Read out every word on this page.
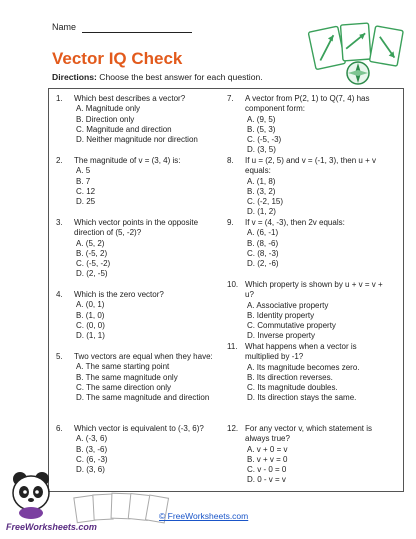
Name
Vector IQ Check
Directions: Choose the best answer for each question.
1. Which best describes a vector?
A. Magnitude only
B. Direction only
C. Magnitude and direction
D. Neither magnitude nor direction
2. The magnitude of v = (3, 4) is:
A. 5
B. 7
C. 12
D. 25
3. Which vector points in the opposite direction of (5, -2)?
A. (5, 2)
B. (-5, 2)
C. (-5, -2)
D. (2, -5)
4. Which is the zero vector?
A. (0, 1)
B. (1, 0)
C. (0, 0)
D. (1, 1)
5. Two vectors are equal when they have:
A. The same starting point
B. The same magnitude only
C. The same direction only
D. The same magnitude and direction
6. Which vector is equivalent to (-3, 6)?
A. (-3, 6)
B. (3, -6)
C. (6, -3)
D. (3, 6)
7. A vector from P(2, 1) to Q(7, 4) has component form:
A. (9, 5)
B. (5, 3)
C. (-5, -3)
D. (3, 5)
8. If u = (2, 5) and v = (-1, 3), then u + v equals:
A. (1, 8)
B. (3, 2)
C. (-2, 15)
D. (1, 2)
9. If v = (4, -3), then 2v equals:
A. (6, -1)
B. (8, -6)
C. (8, -3)
D. (2, -6)
10. Which property is shown by u + v = v + u?
A. Associative property
B. Identity property
C. Commutative property
D. Inverse property
11. What happens when a vector is multiplied by -1?
A. Its magnitude becomes zero.
B. Its direction reverses.
C. Its magnitude doubles.
D. Its direction stays the same.
12. For any vector v, which statement is always true?
A. v + 0 = v
B. v + v = 0
C. v - 0 = 0
D. 0 - v = v
FreeWorksheets.com
© FreeWorksheets.com
